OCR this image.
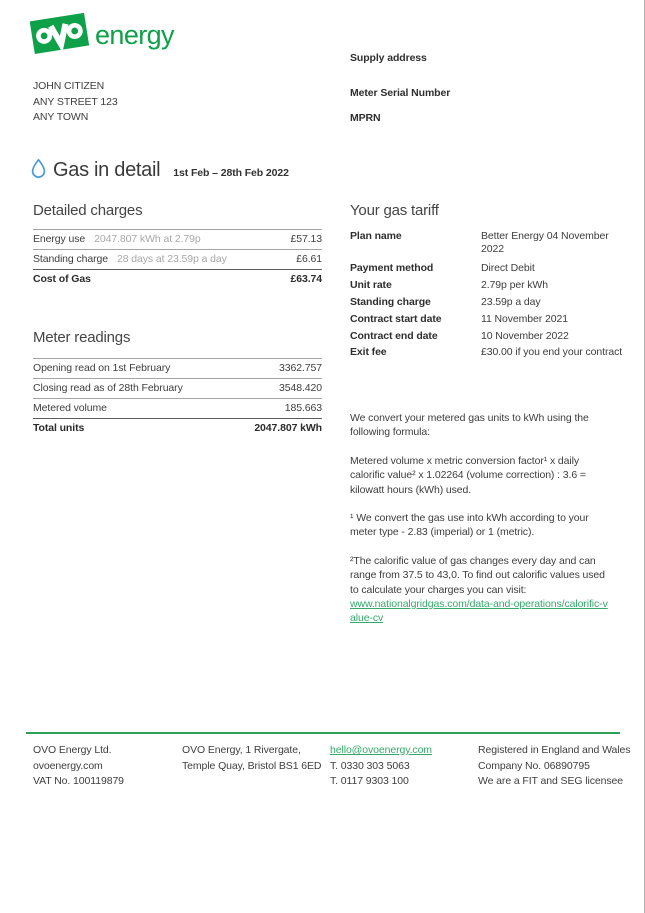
energy
JOHN CITIZEN
ANY STREET 123
ANY TOWN
Supply address
Meter Serial Number
MPRN
Gas in detail 1st Feb – 28th Feb 2022
Detailed charges
Energy use 2047.807 kWh at 2.79p	£57.13
Standing charge 28 days at 23.59p a day	£6.61
Cost of Gas	£63.74
Meter readings
Opening read on 1st February	3362.757
Closing read as of 28th February	3548.420
Metered volume	185.663
Total units	2047.807 kWh
Your gas tariff
Plan name	Better Energy 04 November
2022
Payment method	Direct Debit
Unit rate	2.79p per kWh
Standing charge	23.59p a day
Contract start date	11 November 2021
Contract end date	10 November 2022
Exit fee	£30.00 if you end your contract

We convert your metered gas units to kWh using the following formula:

Metered volume x metric conversion factor¹ x daily calorific value² x 1.02264 (volume correction) : 3.6 = kilowatt hours (kWh) used.

¹ We convert the gas use into kWh according to your meter type - 2.83 (imperial) or 1 (metric).

²The calorific value of gas changes every day and can range from 37.5 to 43,0. To find out calorific values used to calculate your charges you can visit:
www.nationalgridgas.com/data-and-operations/calorific-value-cv

OVO Energy Ltd.
ovoenergy.com
VAT No. 100119879
OVO Energy, 1 Rivergate,
Temple Quay, Bristol BS1 6ED
hello@ovoenergy.com
T. 0330 303 5063
T. 0117 9303 100
Registered in England and Wales
Company No. 06890795
We are a FIT and SEG licensee
